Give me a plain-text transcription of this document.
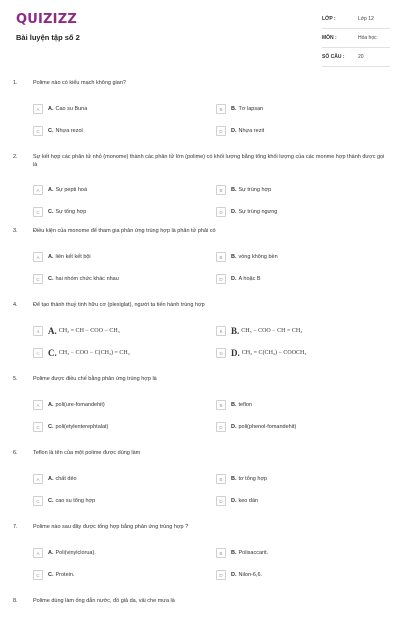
QUIZIZZ
Bài luyện tập số 2
LỚP :	Lớp 12
MÔN :	Hóa học
SỐ CÂU :	20
1.	Polime nào có kiểu mạch không gian?
A	A. Cao su Buna	B	B. Tơ lapsan
C	C. Nhựa rezol	D	D. Nhựa rezit
2.	Sự kết hợp các phân tử nhỏ (monome) thành các phân tử lớn (polime) có khối lượng bằng tổng khối lượng của các monme hợp thành được gọi là
A	A. Sự pepti hoá	B	B. Sự trùng hợp
C	C. Sự tổng hợp	D	D. Sự trùng ngưng
3.	Điều kiện của monome để tham gia phản ứng trùng hợp là phân tử phải có
A	A. liên kết kết bội	B	B. vòng không bền
C	C. hai nhóm chức khác nhau	D	D. A hoặc B
4.	Để tạo thành thuỷ tinh hữu cơ (plexiglat), người ta tiến hành trùng hợp
A A. CH₂ = CH − COO − CH₃	B B. CH₃ − COO − CH = CH₂
C C. CH₃ − COO − C(CH₃) = CH₂	D D. CH₂ = C(CH₃) − COOCH₃
5.	Polime được điều chế bằng phản ứng trùng hợp là
A	A. poli(ure-fomandehit)	B	B. teflon
C	C. poli(etylenterephtalat)	D	D. poli(phenol-fomandehit)
6.	Teflon là tên của một polime được dùng làm
A	A. chất dẻo	B	B. tơ tổng hợp
C	C. cao su tổng hợp	D	D. keo dán
7.	Polime nào sau đây được tổng hợp bằng phản ứng trùng hợp ?
A	A. Poli(vinylclorua).	B	B. Polisaccarit.
C	C. Protein.	D	D. Nilon-6,6.
8.	Polime dùng làm ống dẫn nước, đồ giả da, vải che mưa là
